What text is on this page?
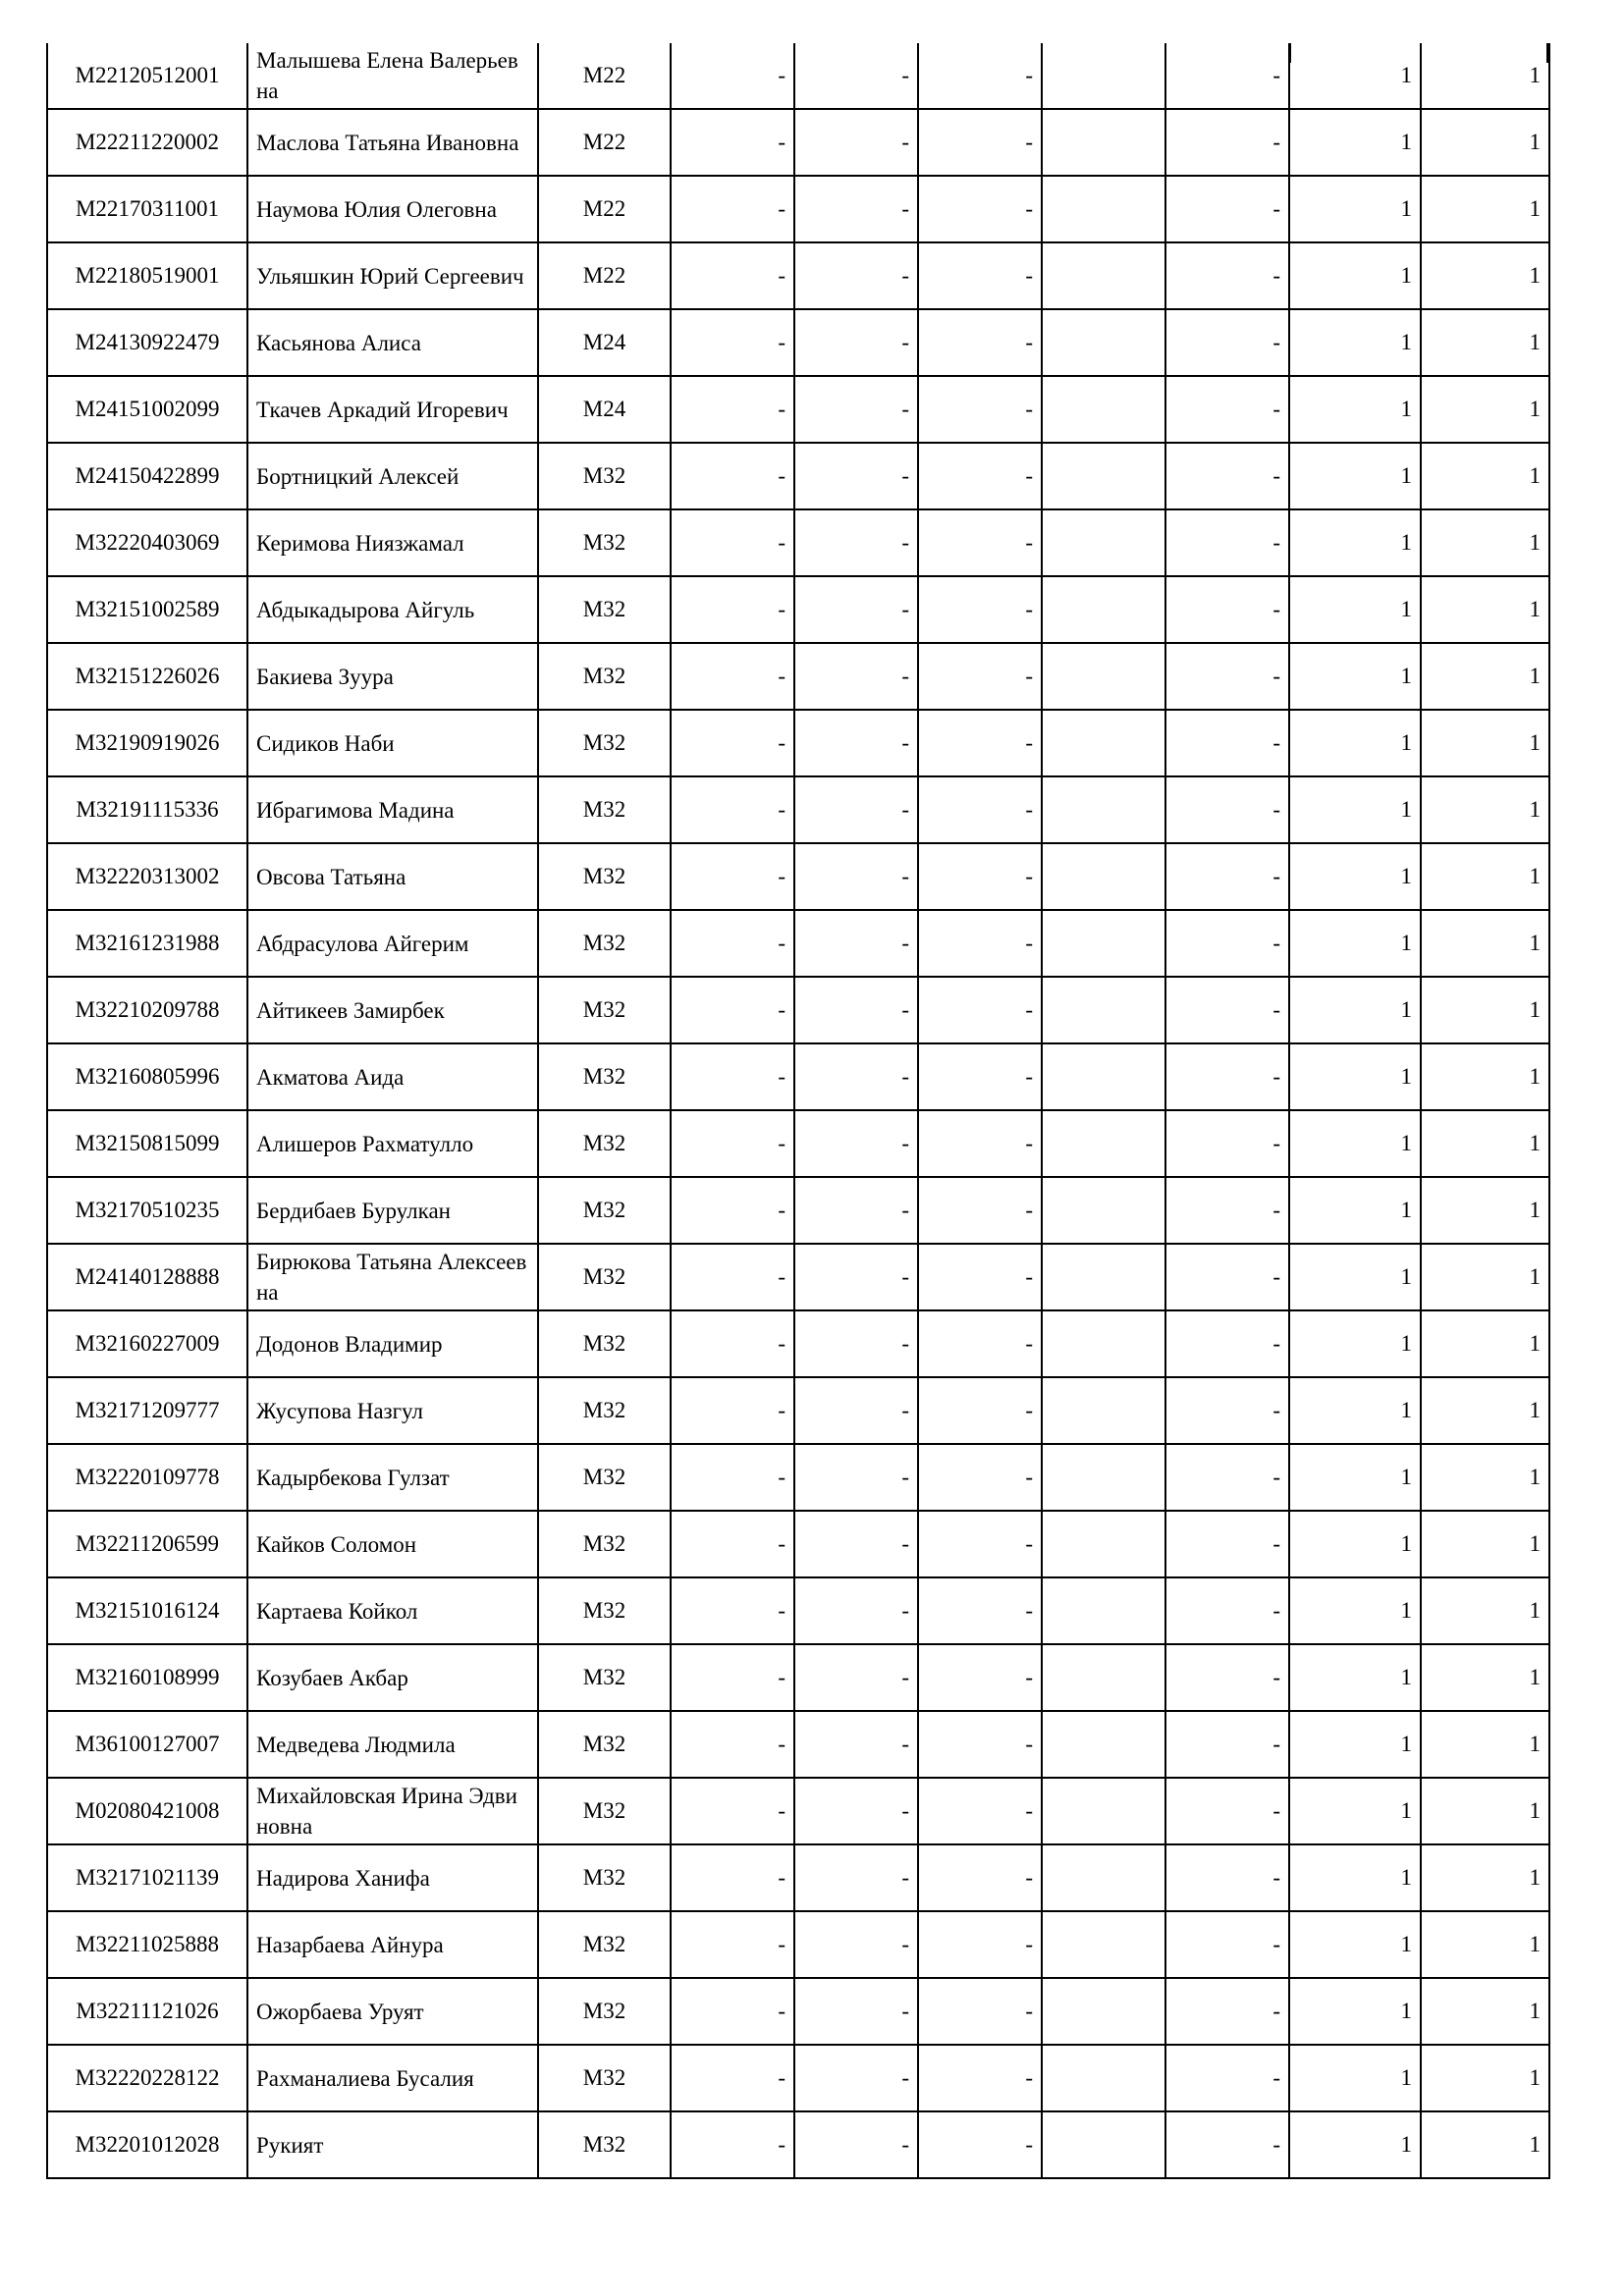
M22120512001	Малышева Елена Валерьевна	M22	-	-	-		-	1	1
M22211220002	Маслова Татьяна Ивановна	M22	-	-	-		-	1	1
M22170311001	Наумова Юлия Олеговна	M22	-	-	-		-	1	1
M22180519001	Ульяшкин Юрий Сергеевич	M22	-	-	-		-	1	1
M24130922479	Касьянова Алиса	M24	-	-	-		-	1	1
M24151002099	Ткачев Аркадий Игоревич	M24	-	-	-		-	1	1
M24150422899	Бортницкий Алексей	M32	-	-	-		-	1	1
M32220403069	Керимова Ниязжамал	M32	-	-	-		-	1	1
M32151002589	Абдыкадырова Айгуль	M32	-	-	-		-	1	1
M32151226026	Бакиева Зуура	M32	-	-	-		-	1	1
M32190919026	Сидиков Наби	M32	-	-	-		-	1	1
M32191115336	Ибрагимова Мадина	M32	-	-	-		-	1	1
M32220313002	Овсова Татьяна	M32	-	-	-		-	1	1
M32161231988	Абдрасулова Айгерим	M32	-	-	-		-	1	1
M32210209788	Айтикеев Замирбек	M32	-	-	-		-	1	1
M32160805996	Акматова Аида	M32	-	-	-		-	1	1
M32150815099	Алишеров Рахматулло	M32	-	-	-		-	1	1
M32170510235	Бердибаев Бурулкан	M32	-	-	-		-	1	1
M24140128888	Бирюкова Татьяна Алексеевна	M32	-	-	-		-	1	1
M32160227009	Додонов Владимир	M32	-	-	-		-	1	1
M32171209777	Жусупова Назгул	M32	-	-	-		-	1	1
M32220109778	Кадырбекова Гулзат	M32	-	-	-		-	1	1
M32211206599	Кайков Соломон	M32	-	-	-		-	1	1
M32151016124	Картаева Койкол	M32	-	-	-		-	1	1
M32160108999	Козубаев Акбар	M32	-	-	-		-	1	1
M36100127007	Медведева Людмила	M32	-	-	-		-	1	1
M02080421008	Михайловская Ирина Эдвиновна	M32	-	-	-		-	1	1
M32171021139	Надирова Ханифа	M32	-	-	-		-	1	1
M32211025888	Назарбаева Айнура	M32	-	-	-		-	1	1
M32211121026	Ожорбаева Уруят	M32	-	-	-		-	1	1
M32220228122	Рахманалиева Бусалия	M32	-	-	-		-	1	1
M32201012028	Рукият	M32	-	-	-		-	1	1
